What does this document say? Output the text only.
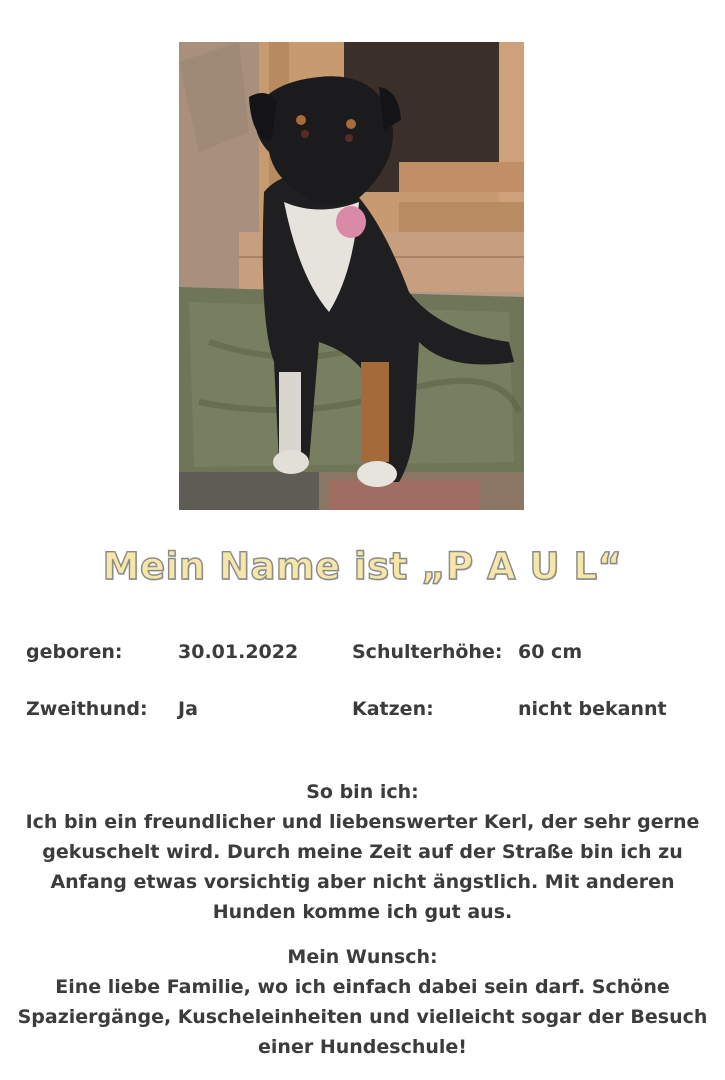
Mein Name ist „P A U L“
geboren:	30.01.2022	Schulterhöhe: 60 cm
Zweithund: Ja	Katzen:	nicht bekannt

So bin ich:

Ich bin ein freundlicher und liebenswerter Kerl, der sehr gerne gekuschelt wird. Durch meine Zeit auf der Straße bin ich zu Anfang etwas vorsichtig aber nicht ängstlich. Mit anderen Hunden komme ich gut aus.

Mein Wunsch:

Eine liebe Familie, wo ich einfach dabei sein darf. Schöne Spaziergänge, Kuscheleinheiten und vielleicht sogar der Besuch einer Hundeschule!
